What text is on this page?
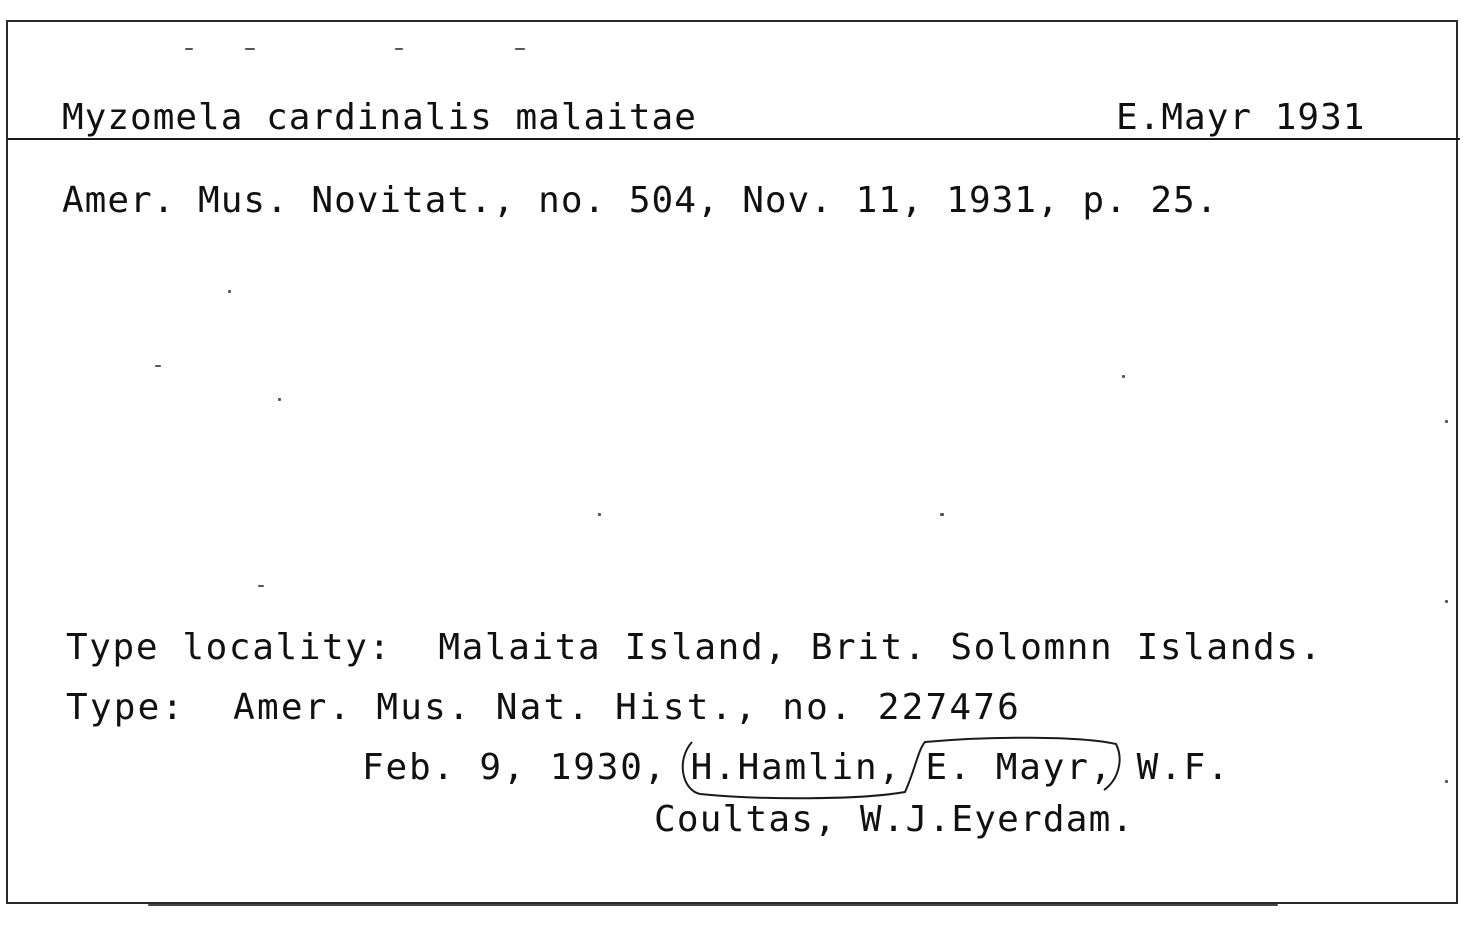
Myzomela cardinalis malaitae	E.Mayr 1931
Amer. Mus. Novitat., no. 504, Nov. 11, 1931, p. 25.
Type locality:  Malaita Island, Brit. Solomnn Islands.
Type:  Amer. Mus. Nat. Hist., no. 227476
Feb. 9, 1930, H.Hamlin, E. Mayr, W.F.
Coultas, W.J.Eyerdam.
